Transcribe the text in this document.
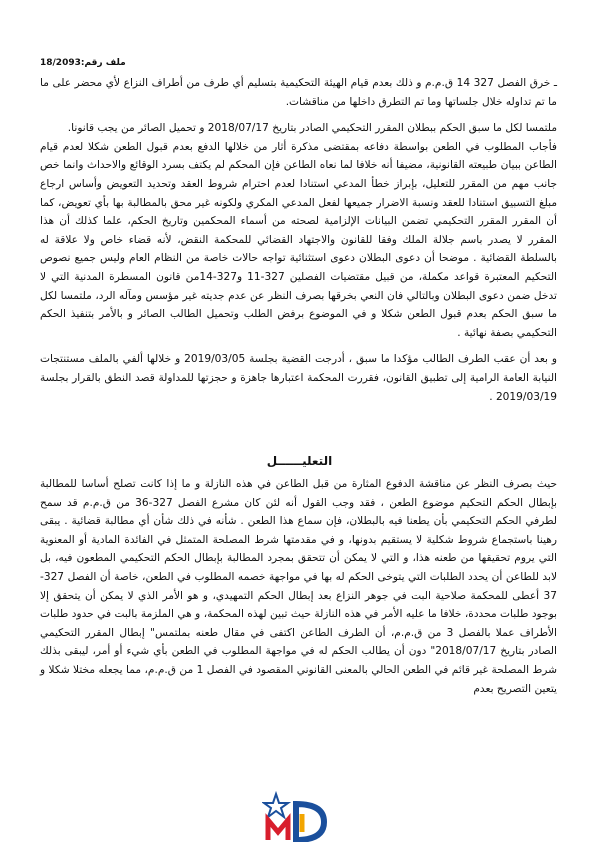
ملف رقم:18/2093

ـ خرق الفصل 327 14 ق.م.م و ذلك بعدم قيام الهيئة التحكيمية بتسليم أي طرف من أطراف النزاع لأي محضر على ما ما تم تداوله خلال جلساتها وما تم التطرق داخلها من مناقشات.

ملتمسا لكل ما سبق الحكم ببطلان المقرر التحكيمي الصادر بتاريخ 2018/07/17 و تحميل الصائر من يجب قانونا.

فأجاب المطلوب في الطعن بواسطة دفاعه بمقتضى مذكرة أثار من خلالها الدفع بعدم قبول الطعن شكلا لعدم قيام الطاعن ببيان طبيعته القانونية، مضيفا أنه خلافا لما نعاه الطاعن فإن المحكم لم يكتف بسرد الوقائع والاحداث وانما خص جانب مهم من المقرر للتعليل، بإبراز خطأ المدعي استنادا لعدم احترام شروط العقد وتحديد التعويض وأساس ارجاع مبلغ التسبيق استنادا للعقد ونسبة الاضرار جميعها لفعل المدعي المكري ولكونه غير محق بالمطالبة بها بأي تعويض، كما أن المقرر المقرر التحكيمي تضمن البيانات الإلزامية لصحته من أسماء المحكمين وتاريخ الحكم، علما كذلك أن هذا المقرر لا يصدر باسم جلالة الملك وفقا للقانون والاجتهاد القضائي للمحكمة النقض، لأنه قضاء خاص ولا علاقة له بالسلطة القضائية . موضحا أن دعوى البطلان دعوى استثنائية تواجه حالات خاصة من النظام العام وليس جميع نصوص التحكيم المعتبرة قواعد مكملة، من قبيل مقتضيات الفصلين 327-11 و327-14من قانون المسطرة المدنية التي لا تدخل ضمن دعوى البطلان وبالتالي فان النعي بخرقها بصرف النظر عن عدم جديته غير مؤسس ومآله الرد، ملتمسا لكل ما سبق الحكم بعدم قبول الطعن شكلا و في الموضوع برفض الطلب وتحميل الطالب الصائر و بالأمر بتنفيذ الحكم التحكيمي بصفة نهائية .

و بعد أن عقب الطرف الطالب مؤكدا ما سبق ، أدرجت القضية بجلسة 2019/03/05 و خلالها ألفي بالملف مستنتجات النيابة العامة الرامية إلى تطبيق القانون، فقررت المحكمة اعتبارها جاهزة و حجزتها للمداولة قصد النطق بالقرار بجلسة 2019/03/19 .

التعليــــــل

حيث بصرف النظر عن مناقشة الدفوع المثارة من قبل الطاعن في هذه النازلة و ما إذا كانت تصلح أساسا للمطالبة بإبطال الحكم التحكيم موضوع الطعن ، فقد وجب القول أنه لئن كان مشرع الفصل 327-36 من ق.م.م قد سمح لطرفي الحكم التحكيمي بأن يطعنا فيه بالبطلان، فإن سماع هذا الطعن . شأنه في ذلك شأن أي مطالبة قضائية . يبقى رهينا باستجماع شروط شكلية لا يستقيم بدونها، و في مقدمتها شرط المصلحة المتمثل في الفائدة المادية أو المعنوية التي يروم تحقيقها من طعنه هذا، و التي لا يمكن أن تتحقق بمجرد المطالبة بإبطال الحكم التحكيمي المطعون فيه، بل لابد للطاعن أن يحدد الطلبات التي يتوخى الحكم له بها في مواجهة خصمه المطلوب في الطعن، خاصة أن الفصل 327-37 أعطى للمحكمة صلاحية البت في جوهر النزاع بعد إبطال الحكم التمهيدي، و هو الأمر الذي لا يمكن أن يتحقق إلا بوجود طلبات محددة، خلافا ما عليه الأمر في هذه النازلة حيث تبين لهذه المحكمة، و هي الملزمة بالبت في حدود طلبات الأطراف عملا بالفصل 3 من ق.م.م، أن الطرف الطاعن اكتفى في مقال طعنه بملتمس" إبطال المقرر التحكيمي الصادر بتاريخ 2018/07/17" دون أن يطالب الحكم له في مواجهة المطلوب في الطعن بأي شيء أو أمر، ليبقى بذلك شرط المصلحة غير قائم في الطعن الحالي بالمعنى القانوني المقصود في الفصل 1 من ق.م.م، مما يجعله مختلا شكلا و يتعين التصريح بعدم
